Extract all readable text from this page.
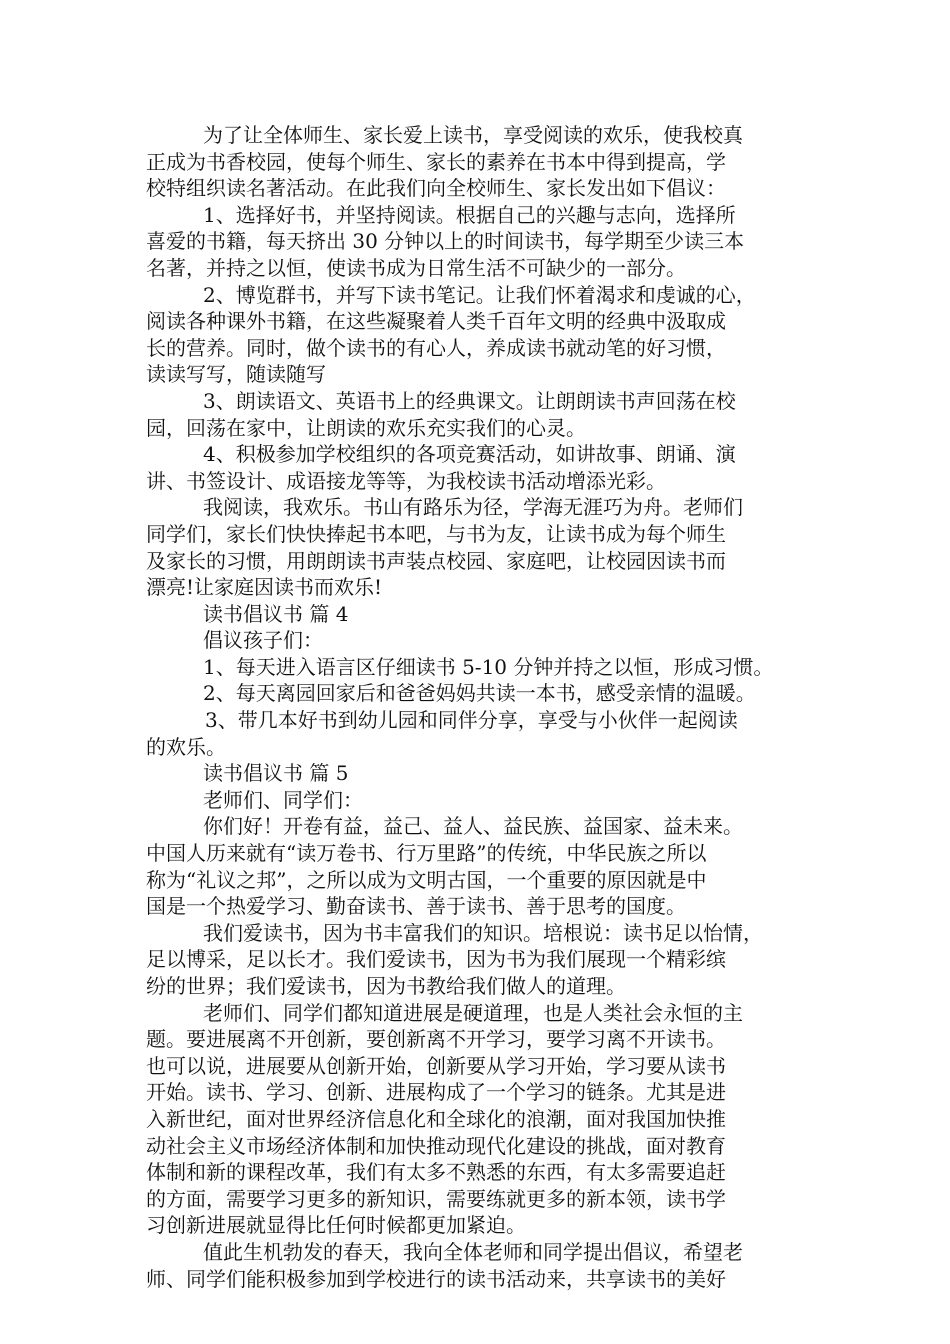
为了让全体师生、家长爱上读书，享受阅读的欢乐，使我校真
正成为书香校园，使每个师生、家长的素养在书本中得到提高，学
校特组织读名著活动。在此我们向全校师生、家长发出如下倡议：
1、选择好书，并坚持阅读。根据自己的兴趣与志向，选择所
喜爱的书籍，每天挤出 30 分钟以上的时间读书，每学期至少读三本
名著，并持之以恒，使读书成为日常生活不可缺少的一部分。
2、博览群书，并写下读书笔记。让我们怀着渴求和虔诚的心，
阅读各种课外书籍，在这些凝聚着人类千百年文明的经典中汲取成
长的营养。同时，做个读书的有心人，养成读书就动笔的好习惯，
读读写写，随读随写
3、朗读语文、英语书上的经典课文。让朗朗读书声回荡在校
园，回荡在家中，让朗读的欢乐充实我们的心灵。
4、积极参加学校组织的各项竞赛活动，如讲故事、朗诵、演
讲、书签设计、成语接龙等等，为我校读书活动增添光彩。
我阅读，我欢乐。书山有路乐为径，学海无涯巧为舟。老师们
同学们，家长们快快捧起书本吧，与书为友，让读书成为每个师生
及家长的习惯，用朗朗读书声装点校园、家庭吧，让校园因读书而
漂亮!让家庭因读书而欢乐!
读书倡议书 篇 4
倡议孩子们：
1、每天进入语言区仔细读书 5-10 分钟并持之以恒，形成习惯。
2、每天离园回家后和爸爸妈妈共读一本书，感受亲情的温暖。
3、带几本好书到幼儿园和同伴分享，享受与小伙伴一起阅读
的欢乐。
读书倡议书 篇 5
老师们、同学们：
你们好！开卷有益，益己、益人、益民族、益国家、益未来。
中国人历来就有“读万卷书、行万里路”的传统，中华民族之所以
称为“礼议之邦”，之所以成为文明古国，一个重要的原因就是中
国是一个热爱学习、勤奋读书、善于读书、善于思考的国度。
我们爱读书，因为书丰富我们的知识。培根说：读书足以怡情，
足以博采，足以长才。我们爱读书，因为书为我们展现一个精彩缤
纷的世界；我们爱读书，因为书教给我们做人的道理。
老师们、同学们都知道进展是硬道理，也是人类社会永恒的主
题。要进展离不开创新，要创新离不开学习，要学习离不开读书。
也可以说，进展要从创新开始，创新要从学习开始，学习要从读书
开始。读书、学习、创新、进展构成了一个学习的链条。尤其是进
入新世纪，面对世界经济信息化和全球化的浪潮，面对我国加快推
动社会主义市场经济体制和加快推动现代化建设的挑战，面对教育
体制和新的课程改革，我们有太多不熟悉的东西，有太多需要追赶
的方面，需要学习更多的新知识，需要练就更多的新本领，读书学
习创新进展就显得比任何时候都更加紧迫。
值此生机勃发的春天，我向全体老师和同学提出倡议，希望老
师、同学们能积极参加到学校进行的读书活动来，共享读书的美好
